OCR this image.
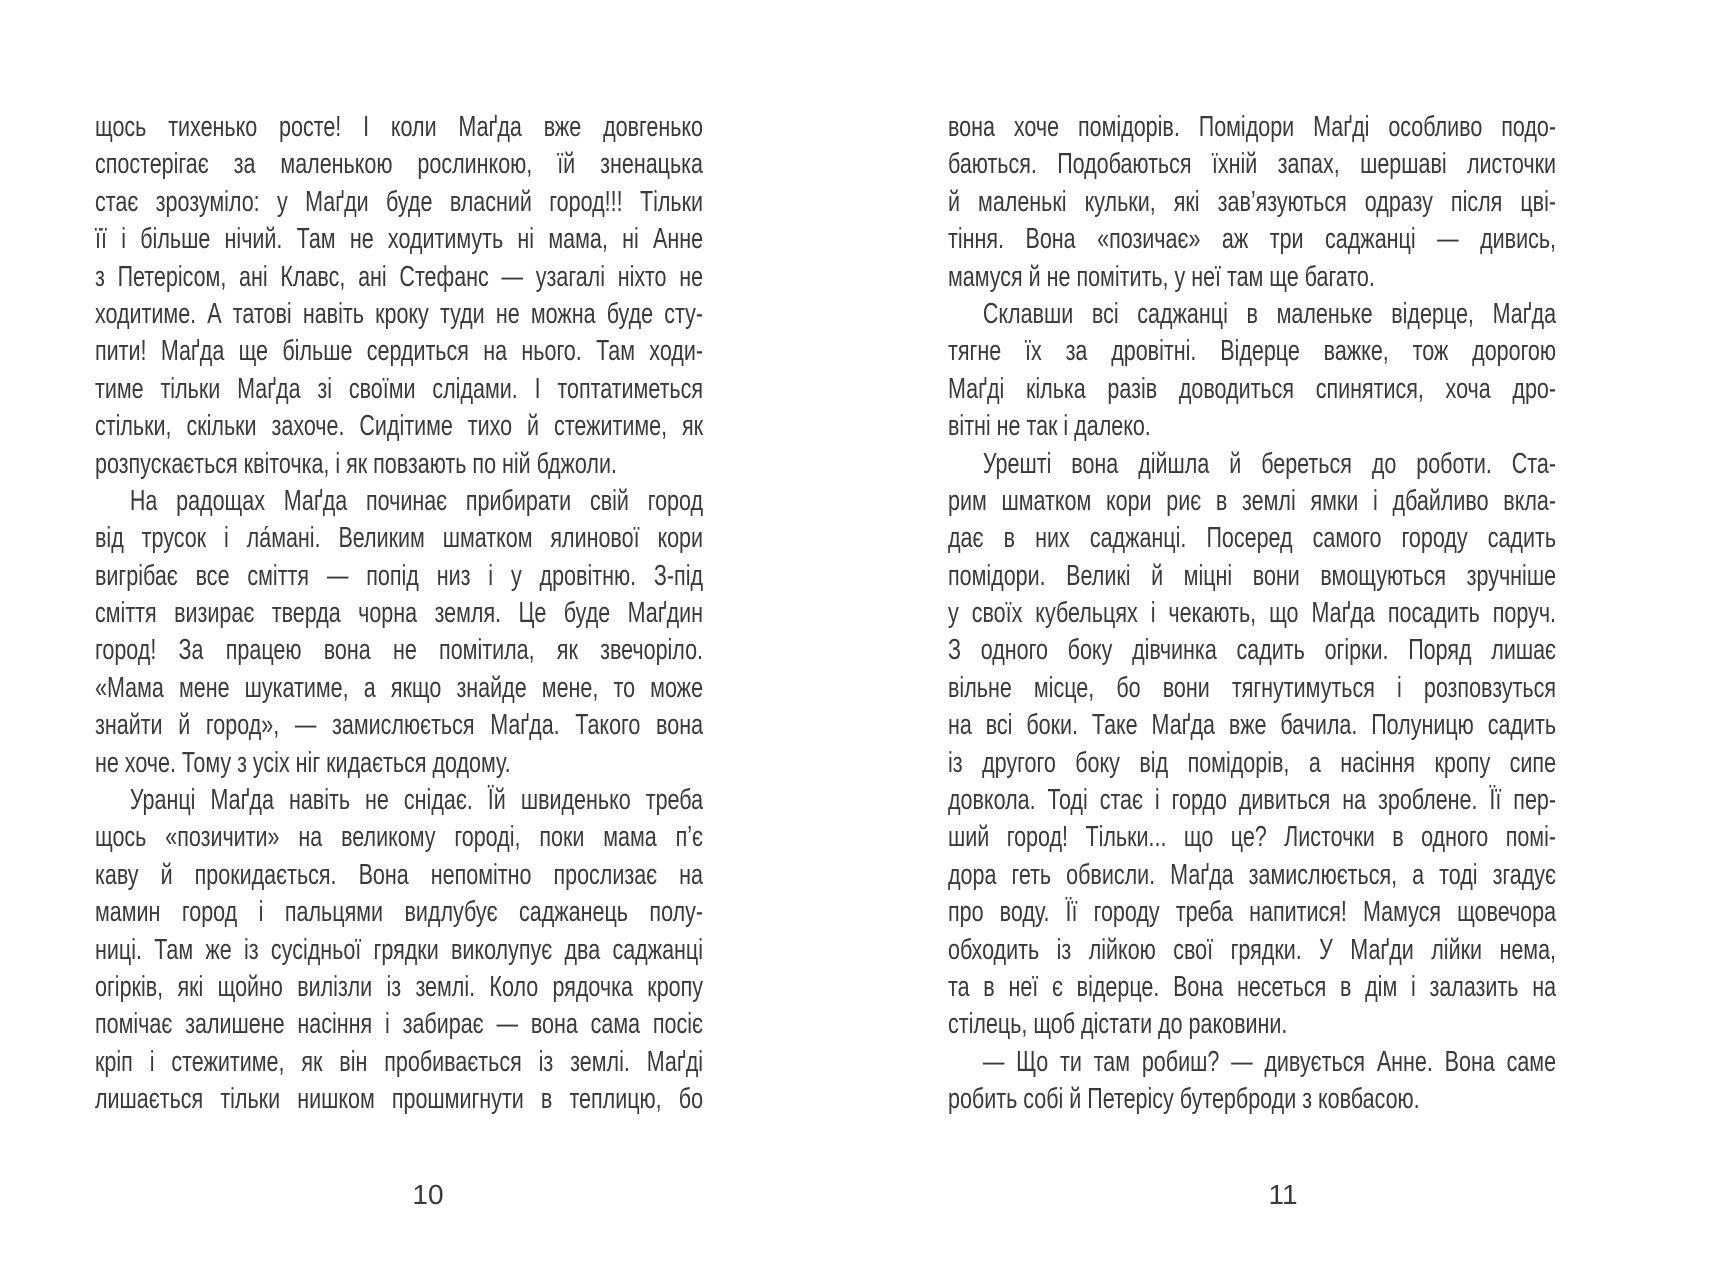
щось тихенько росте! І коли Маґда вже довгенько
спостерігає за маленькою рослинкою, їй зненацька
стає зрозуміло: у Маґди буде власний город!!! Тільки
її і більше нічий. Там не ходитимуть ні мама, ні Анне
з Петерісом, ані Клавс, ані Стефанс — узагалі ніхто не
ходитиме. А татові навіть кроку туди не можна буде сту-
пити! Маґда ще більше сердиться на нього. Там ходи-
тиме тільки Маґда зі своїми слідами. І топтатиметься
стільки, скільки захоче. Сидітиме тихо й стежитиме, як
розпускається квіточка, і як повзають по ній бджоли.
На радощах Маґда починає прибирати свій город
від трусок і ла́мані. Великим шматком ялинової кори
вигрібає все сміття — попід низ і у дровітню. З-під
сміття визирає тверда чорна земля. Це буде Маґдин
город! За працею вона не помітила, як звечоріло.
«Мама мене шукатиме, а якщо знайде мене, то може
знайти й город», — замислюється Маґда. Такого вона
не хоче. Тому з усіх ніг кидається додому.
Уранці Маґда навіть не снідає. Їй швиденько треба
щось «позичити» на великому городі, поки мама п’є
каву й прокидається. Вона непомітно прослизає на
мамин город і пальцями видлубує саджанець полу-
ниці. Там же із сусідньої грядки виколупує два саджанці
огірків, які щойно вилізли із землі. Коло рядочка кропу
помічає залишене насіння і забирає — вона сама посіє
кріп і стежитиме, як він пробивається із землі. Маґді
лишається тільки нишком прошмигнути в теплицю, бо
вона хоче помідорів. Помідори Маґді особливо подо-
баються. Подобаються їхній запах, шершаві листочки
й маленькі кульки, які зав’язуються одразу після цві-
тіння. Вона «позичає» аж три саджанці — дивись,
мамуся й не помітить, у неї там ще багато.
Склавши всі саджанці в маленьке відерце, Маґда
тягне їх за дровітні. Відерце важке, тож дорогою
Маґді кілька разів доводиться спинятися, хоча дро-
вітні не так і далеко.
Урешті вона дійшла й береться до роботи. Ста-
рим шматком кори риє в землі ямки і дбайливо вкла-
дає в них саджанці. Посеред самого городу садить
помідори. Великі й міцні вони вмощуються зручніше
у своїх кубельцях і чекають, що Маґда посадить поруч.
З одного боку дівчинка садить огірки. Поряд лишає
вільне місце, бо вони тягнутимуться і розповзуться
на всі боки. Таке Маґда вже бачила. Полуницю садить
із другого боку від помідорів, а насіння кропу сипе
довкола. Тоді стає і гордо дивиться на зроблене. Її пер-
ший город! Тільки... що це? Листочки в одного помі-
дора геть обвисли. Маґда замислюється, а тоді згадує
про воду. Її городу треба напитися! Мамуся щовечора
обходить із лійкою свої грядки. У Маґди лійки нема,
та в неї є відерце. Вона несеться в дім і залазить на
стілець, щоб дістати до раковини.
— Що ти там робиш? — дивується Анне. Вона саме
робить собі й Петерісу бутерброди з ковбасою.
10	11
